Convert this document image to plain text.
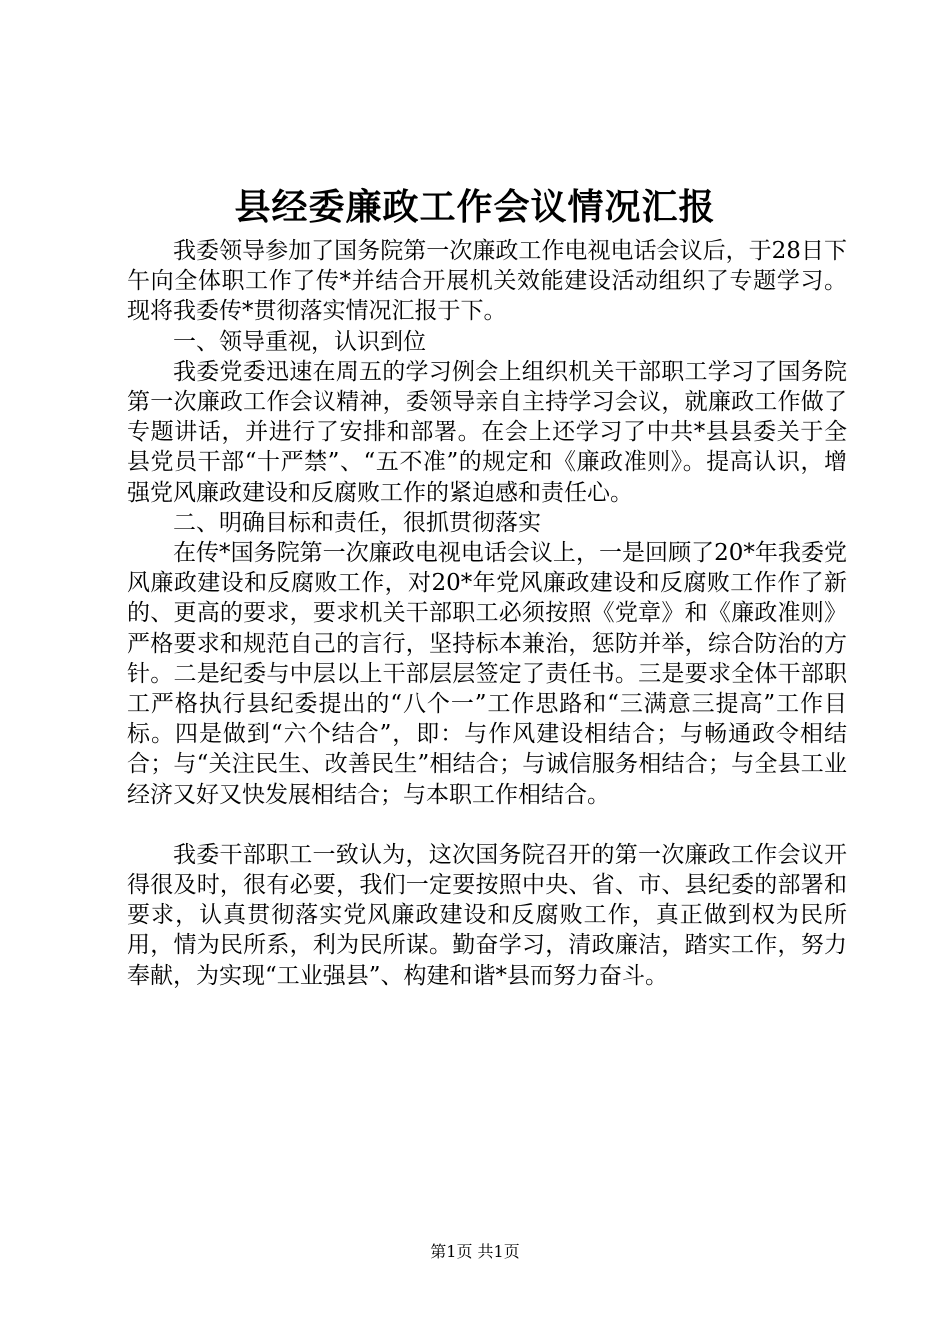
县经委廉政工作会议情况汇报

我委领导参加了国务院第一次廉政工作电视电话会议后，于28日下午向全体职工作了传*并结合开展机关效能建设活动组织了专题学习。现将我委传*贯彻落实情况汇报于下。

一、领导重视，认识到位

我委党委迅速在周五的学习例会上组织机关干部职工学习了国务院第一次廉政工作会议精神，委领导亲自主持学习会议，就廉政工作做了专题讲话，并进行了安排和部署。在会上还学习了中共*县县委关于全县党员干部“十严禁”、“五不准”的规定和《廉政准则》。提高认识，增强党风廉政建设和反腐败工作的紧迫感和责任心。

二、明确目标和责任，很抓贯彻落实

在传*国务院第一次廉政电视电话会议上，一是回顾了20*年我委党风廉政建设和反腐败工作，对20*年党风廉政建设和反腐败工作作了新的、更高的要求，要求机关干部职工必须按照《党章》和《廉政准则》严格要求和规范自己的言行，坚持标本兼治，惩防并举，综合防治的方针。二是纪委与中层以上干部层层签定了责任书。三是要求全体干部职工严格执行县纪委提出的“八个一”工作思路和“三满意三提高”工作目标。四是做到“六个结合”，即：与作风建设相结合；与畅通政令相结合；与“关注民生、改善民生”相结合；与诚信服务相结合；与全县工业经济又好又快发展相结合；与本职工作相结合。

我委干部职工一致认为，这次国务院召开的第一次廉政工作会议开得很及时，很有必要，我们一定要按照中央、省、市、县纪委的部署和要求，认真贯彻落实党风廉政建设和反腐败工作，真正做到权为民所用，情为民所系，利为民所谋。勤奋学习，清政廉洁，踏实工作，努力奉献，为实现“工业强县”、构建和谐*县而努力奋斗。

第1页 共1页
